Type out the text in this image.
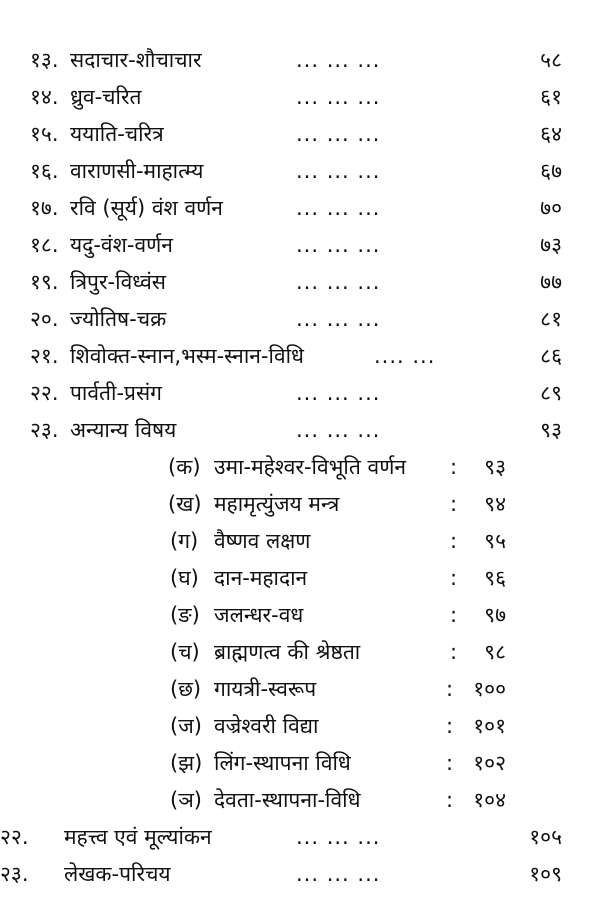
१३. सदाचार-शौचाचार	... ... ...	५८
१४. ध्रुव-चरित	... ... ...	६१
१५. ययाति-चरित्र	... ... ...	६४
१६. वाराणसी-माहात्म्य	... ... ...	६७
१७. रवि (सूर्य) वंश वर्णन	... ... ...	७०
१८. यदु-वंश-वर्णन	... ... ...	७३
१९. त्रिपुर-विध्वंस	... ... ...	७७
२०. ज्योतिष-चक्र	... ... ...	८१
२१. शिवोक्त-स्नान,भस्म-स्नान-विधि	.... ...	८६
२२. पार्वती-प्रसंग	... ... ...	८९
२३. अन्यान्य विषय	... ... ...	९३
(क) उमा-महेश्वर-विभूति वर्णन : ९३
(ख) महामृत्युंजय मन्त्र	: ९४
(ग) वैष्णव लक्षण	: ९५
(घ) दान-महादान	: ९६
(ङ) जलन्धर-वध	: ९७
(च) ब्राह्मणत्व की श्रेष्ठता	: ९८
(छ) गायत्री-स्वरूप	: १००
(ज) वज्रेश्वरी विद्या	: १०१
(झ) लिंग-स्थापना विधि	: १०२
(ञ) देवता-स्थापना-विधि	: १०४
२२. महत्त्व एवं मूल्यांकन	... ... ...	१०५
२३. लेखक-परिचय	... ... ...	१०९
